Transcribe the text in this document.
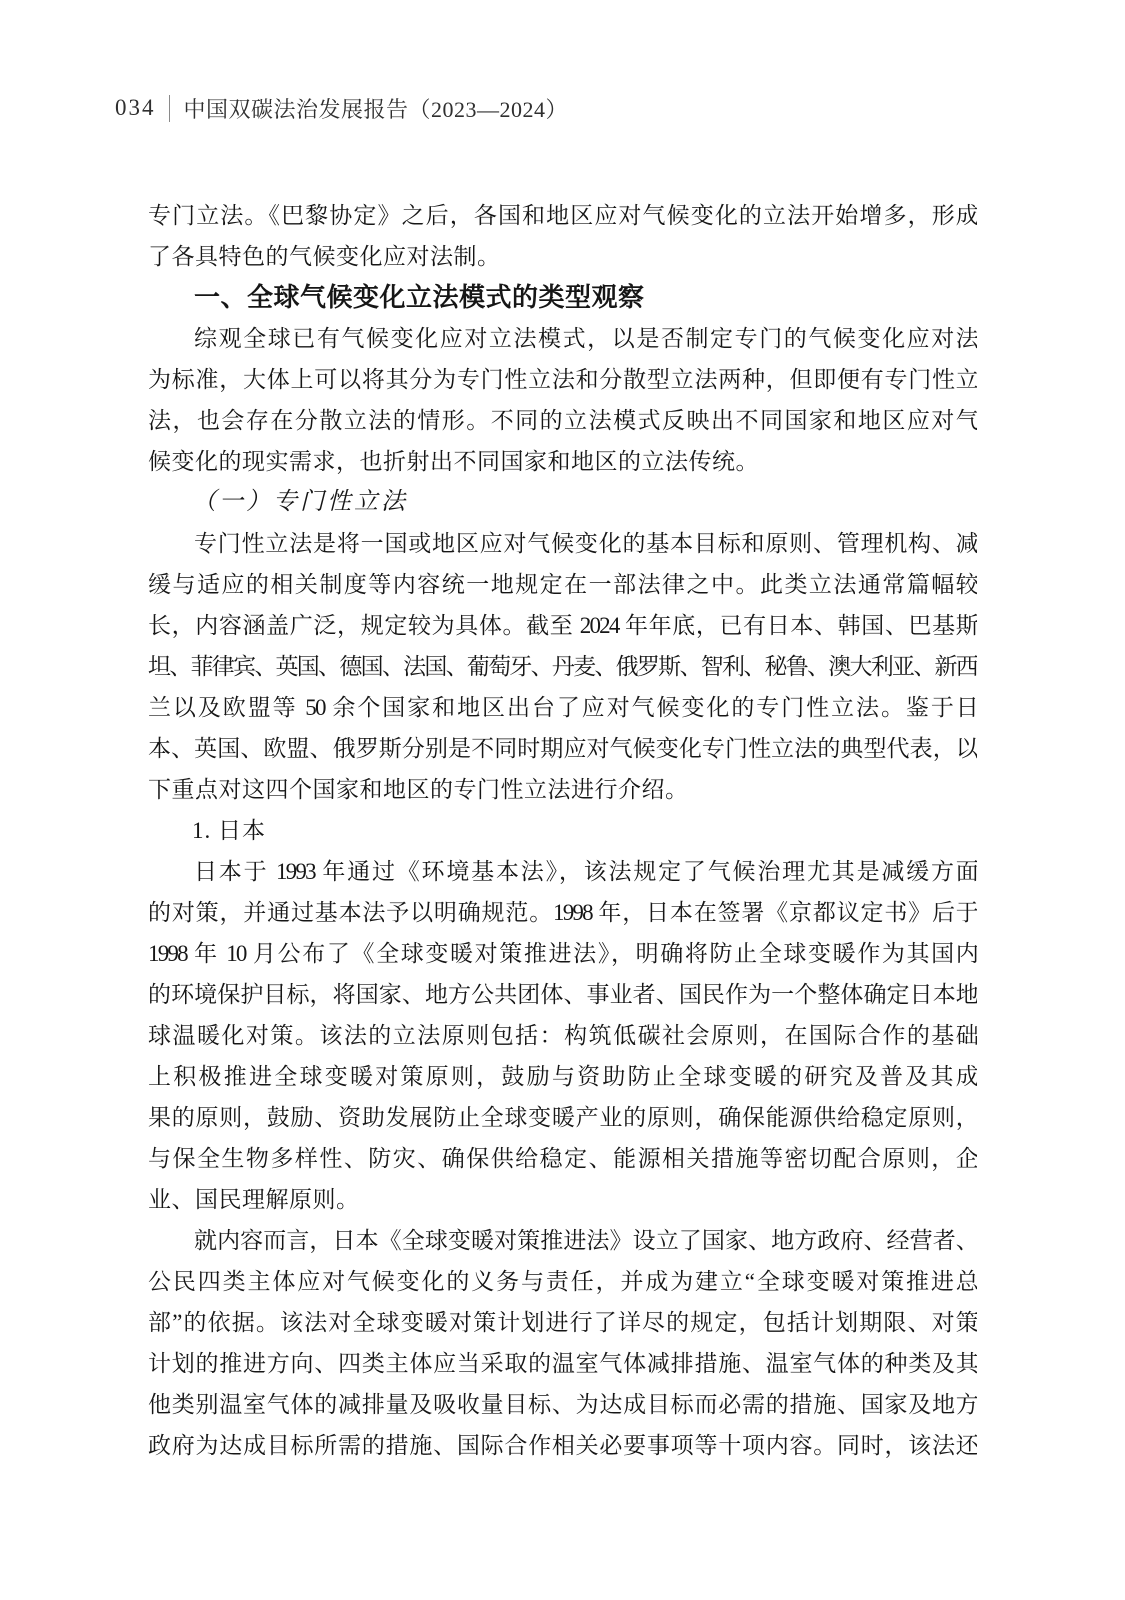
034 中国双碳法治发展报告（2023—2024）
专门立法。《巴黎协定》之后，各国和地区应对气候变化的立法开始增多，形成
了各具特色的气候变化应对法制。
一、全球气候变化立法模式的类型观察
综观全球已有气候变化应对立法模式，以是否制定专门的气候变化应对法
为标准，大体上可以将其分为专门性立法和分散型立法两种，但即便有专门性立
法，也会存在分散立法的情形。不同的立法模式反映出不同国家和地区应对气
候变化的现实需求，也折射出不同国家和地区的立法传统。
（一）专门性立法
专门性立法是将一国或地区应对气候变化的基本目标和原则、管理机构、减
缓与适应的相关制度等内容统一地规定在一部法律之中。此类立法通常篇幅较
长，内容涵盖广泛，规定较为具体。截至 2024 年年底，已有日本、韩国、巴基斯
坦、菲律宾、英国、德国、法国、葡萄牙、丹麦、俄罗斯、智利、秘鲁、澳大利亚、新西
兰以及欧盟等 50 余个国家和地区出台了应对气候变化的专门性立法。鉴于日
本、英国、欧盟、俄罗斯分别是不同时期应对气候变化专门性立法的典型代表，以
下重点对这四个国家和地区的专门性立法进行介绍。
1. 日本
日本于 1993 年通过《环境基本法》，该法规定了气候治理尤其是减缓方面
的对策，并通过基本法予以明确规范。1998 年，日本在签署《京都议定书》后于
1998 年 10 月公布了《全球变暖对策推进法》，明确将防止全球变暖作为其国内
的环境保护目标，将国家、地方公共团体、事业者、国民作为一个整体确定日本地
球温暖化对策。该法的立法原则包括：构筑低碳社会原则，在国际合作的基础
上积极推进全球变暖对策原则，鼓励与资助防止全球变暖的研究及普及其成
果的原则，鼓励、资助发展防止全球变暖产业的原则，确保能源供给稳定原则，
与保全生物多样性、防灾、确保供给稳定、能源相关措施等密切配合原则，企
业、国民理解原则。
就内容而言，日本《全球变暖对策推进法》设立了国家、地方政府、经营者、
公民四类主体应对气候变化的义务与责任，并成为建立“全球变暖对策推进总
部”的依据。该法对全球变暖对策计划进行了详尽的规定，包括计划期限、对策
计划的推进方向、四类主体应当采取的温室气体减排措施、温室气体的种类及其
他类别温室气体的减排量及吸收量目标、为达成目标而必需的措施、国家及地方
政府为达成目标所需的措施、国际合作相关必要事项等十项内容。同时，该法还
